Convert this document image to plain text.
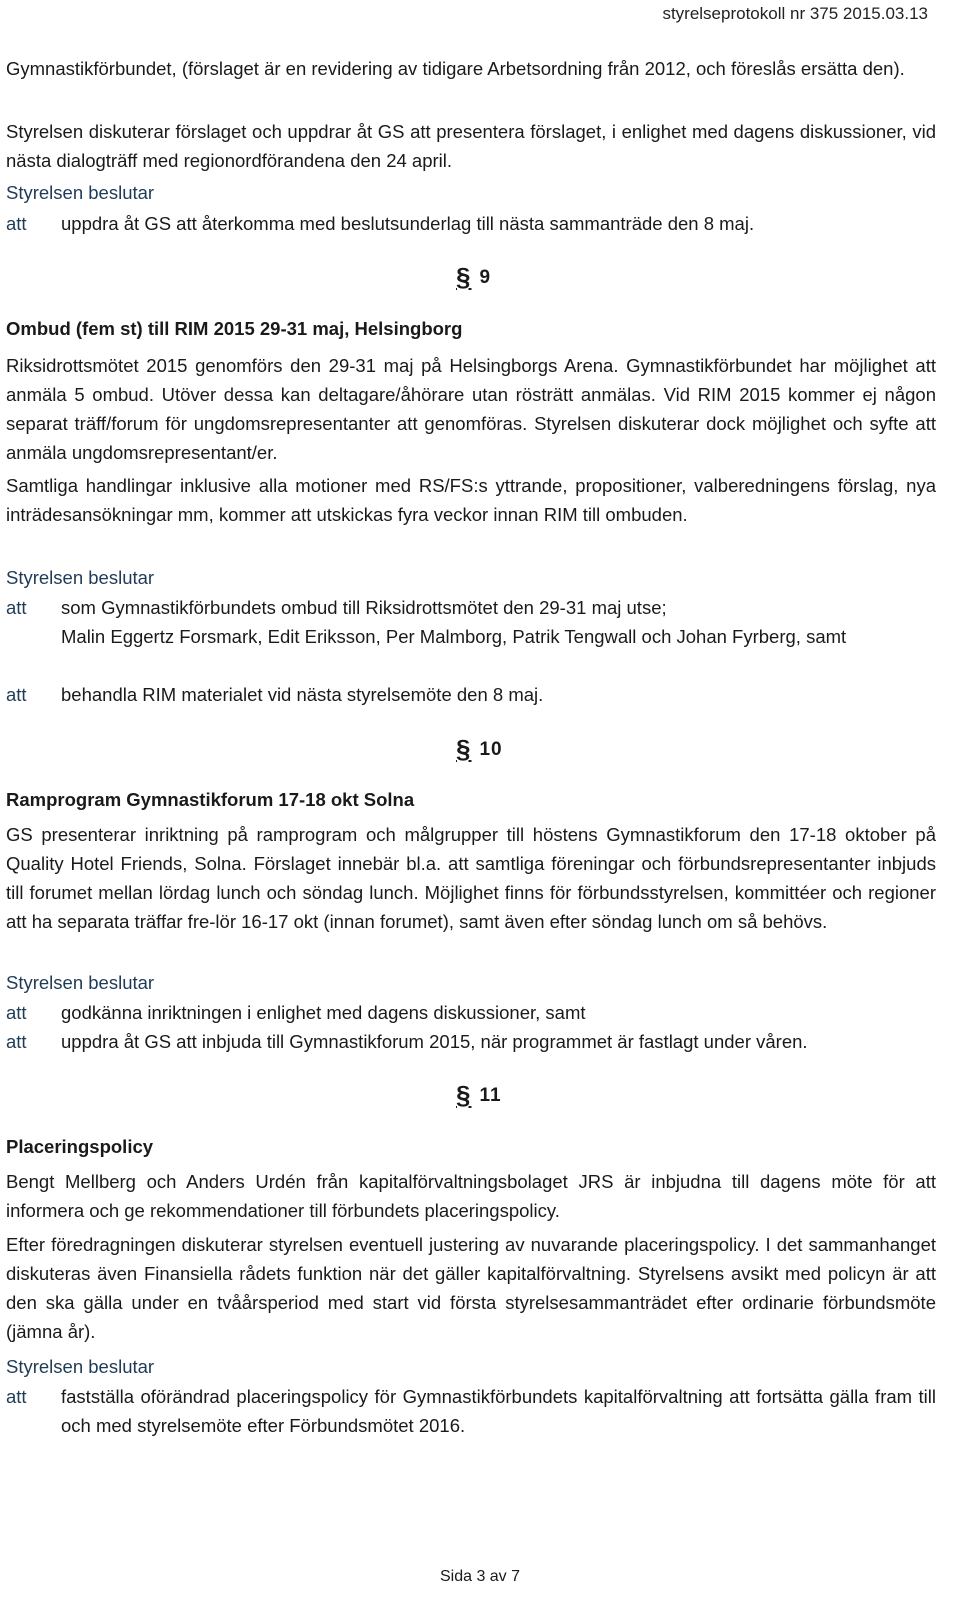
styrelseprotokoll nr 375 2015.03.13
Gymnastikförbundet, (förslaget är en revidering av tidigare Arbetsordning från 2012, och föreslås ersätta den).
Styrelsen diskuterar förslaget och uppdrar åt GS att presentera förslaget, i enlighet med dagens diskussioner, vid nästa dialogträff med regionordförandena den 24 april.
Styrelsen beslutar
att uppdra åt GS att återkomma med beslutsunderlag till nästa sammanträde den 8 maj.
§ 9
Ombud (fem st) till RIM 2015 29-31 maj, Helsingborg
Riksidrottsmötet 2015 genomförs den 29-31 maj på Helsingborgs Arena. Gymnastikförbundet har möjlighet att anmäla 5 ombud. Utöver dessa kan deltagare/åhörare utan rösträtt anmälas. Vid RIM 2015 kommer ej någon separat träff/forum för ungdomsrepresentanter att genomföras. Styrelsen diskuterar dock möjlighet och syfte att anmäla ungdomsrepresentant/er.
Samtliga handlingar inklusive alla motioner med RS/FS:s yttrande, propositioner, valberedningens förslag, nya inträdesansökningar mm, kommer att utskickas fyra veckor innan RIM till ombuden.
Styrelsen beslutar
att som Gymnastikförbundets ombud till Riksidrottsmötet den 29-31 maj utse;
Malin Eggertz Forsmark, Edit Eriksson, Per Malmborg, Patrik Tengwall och Johan Fyrberg, samt
att behandla RIM materialet vid nästa styrelsemöte den 8 maj.
§ 10
Ramprogram Gymnastikforum 17-18 okt Solna
GS presenterar inriktning på ramprogram och målgrupper till höstens Gymnastikforum den 17-18 oktober på Quality Hotel Friends, Solna. Förslaget innebär bl.a. att samtliga föreningar och förbundsrepresentanter inbjuds till forumet mellan lördag lunch och söndag lunch. Möjlighet finns för förbundsstyrelsen, kommittéer och regioner att ha separata träffar fre-lör 16-17 okt (innan forumet), samt även efter söndag lunch om så behövs.
Styrelsen beslutar
att godkänna inriktningen i enlighet med dagens diskussioner, samt
att uppdra åt GS att inbjuda till Gymnastikforum 2015, när programmet är fastlagt under våren.
§ 11
Placeringspolicy
Bengt Mellberg och Anders Urdén från kapitalförvaltningsbolaget JRS är inbjudna till dagens möte för att informera och ge rekommendationer till förbundets placeringspolicy.
Efter föredragningen diskuterar styrelsen eventuell justering av nuvarande placeringspolicy. I det sammanhanget diskuteras även Finansiella rådets funktion när det gäller kapitalförvaltning. Styrelsens avsikt med policyn är att den ska gälla under en tvåårsperiod med start vid första styrelsesammanträdet efter ordinarie förbundsmöte (jämna år).
Styrelsen beslutar
att fastställa oförändrad placeringspolicy för Gymnastikförbundets kapitalförvaltning att fortsätta gälla fram till och med styrelsemöte efter Förbundsmötet 2016.
Sida 3 av 7
